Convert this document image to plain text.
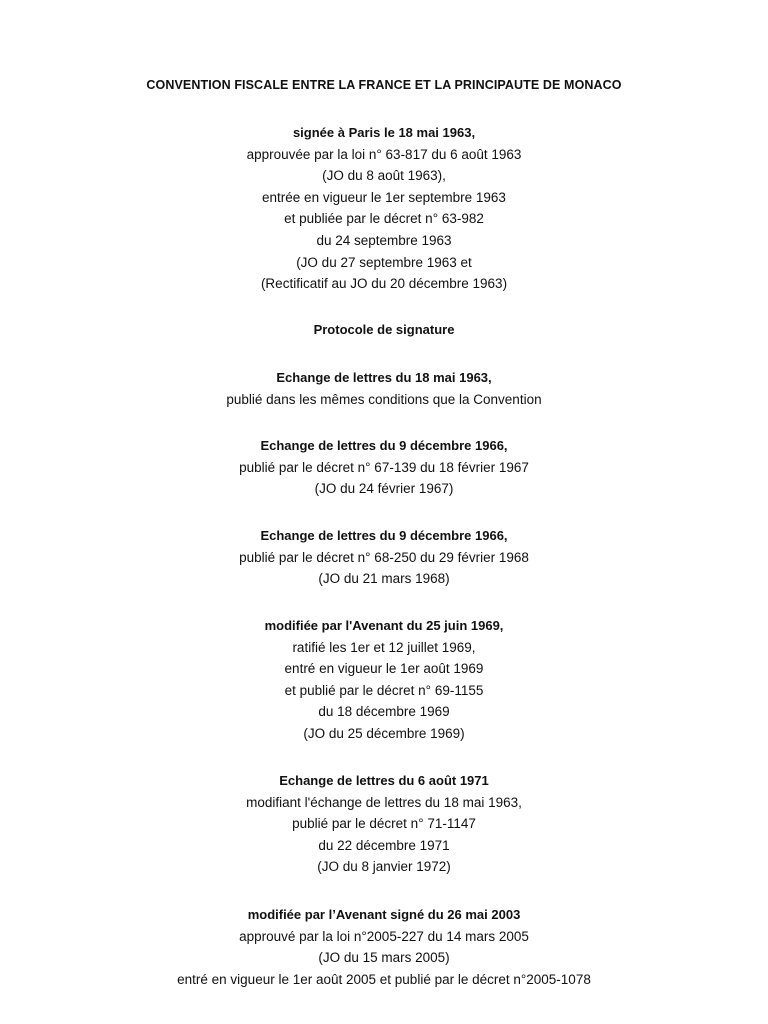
CONVENTION FISCALE ENTRE LA FRANCE ET LA PRINCIPAUTE DE MONACO
signée à Paris le 18 mai 1963,
approuvée par la loi n° 63-817 du 6 août 1963
(JO du 8 août 1963),
entrée en vigueur le 1er septembre 1963
et publiée par le décret n° 63-982
du 24 septembre 1963
(JO du 27 septembre 1963 et
(Rectificatif au JO du 20 décembre 1963)
Protocole de signature
Echange de lettres du 18 mai 1963,
publié dans les mêmes conditions que la Convention
Echange de lettres du 9 décembre 1966,
publié par le décret n° 67-139 du 18 février 1967
(JO du 24 février 1967)
Echange de lettres du 9 décembre 1966,
publié par le décret n° 68-250 du 29 février 1968
(JO du 21 mars 1968)
modifiée par l'Avenant du 25 juin 1969,
ratifié les 1er et 12 juillet 1969,
entré en vigueur le 1er août 1969
et publié par le décret n° 69-1155
du 18 décembre 1969
(JO du 25 décembre 1969)
Echange de lettres du 6 août 1971
modifiant l'échange de lettres du 18 mai 1963,
publié par le décret n° 71-1147
du 22 décembre 1971
(JO du 8 janvier 1972)
modifiée par l’Avenant signé du 26 mai 2003
approuvé par la loi n°2005-227 du 14 mars 2005
(JO du 15 mars 2005)
entré en vigueur le 1er août 2005 et publié par le décret n°2005-1078
